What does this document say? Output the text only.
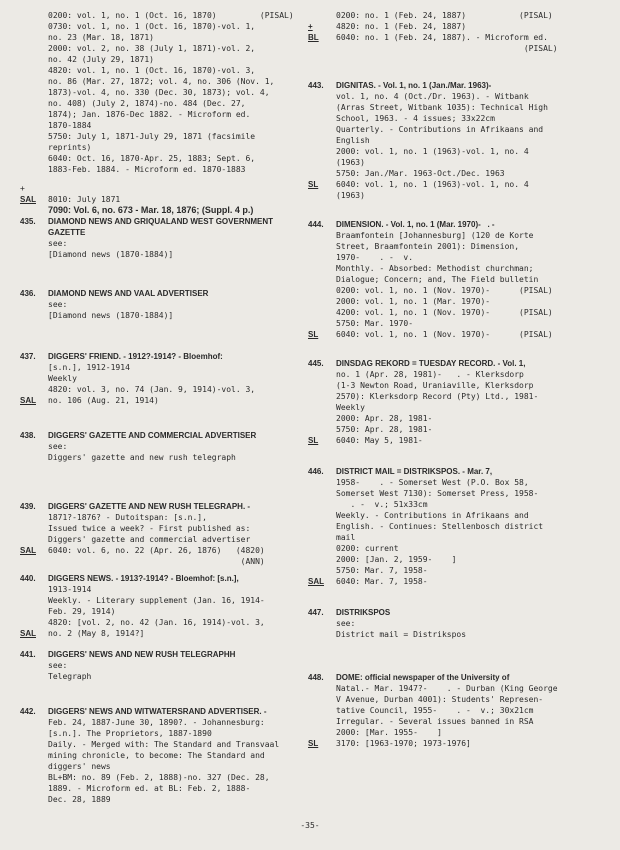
0200: vol. 1, no. 1 (Oct. 16, 1870)         (PISAL)
0730: vol. 1, no. 1 (Oct. 16, 1870)-vol. 1,
no. 23 (Mar. 18, 1871)
2000: vol. 2, no. 38 (July 1, 1871)-vol. 2,
no. 42 (July 29, 1871)
4820: vol. 1, no. 1 (Oct. 16, 1870)-vol. 3,
no. 86 (Mar. 27, 1872; vol. 4, no. 306 (Nov. 1,
1873)-vol. 4, no. 330 (Dec. 30, 1873); vol. 4,
no. 408) (July 2, 1874)-no. 484 (Dec. 27,
1874); Jan. 1876-Dec 1882. - Microform ed.
1870-1884
5750: July 1, 1871-July 29, 1871 (facsimile
reprints)
6040: Oct. 16, 1870-Apr. 25, 1883; Sept. 6,
1883-Feb. 1884. - Microform ed. 1870-1883
+
8010: July 1871
SAL
7090: Vol. 6, no. 673 - Mar. 18, 1876; (Suppl. 4 p.)
435.	DIAMOND NEWS AND GRIQUALAND WEST GOVERNMENT
GAZETTE
see:
[Diamond news (1870-1884)]
436.	DIAMOND NEWS AND VAAL ADVERTISER
see:
[Diamond news (1870-1884)]
437.	DIGGERS' FRIEND. - 1912?-1914? - Bloemhof:
[s.n.], 1912-1914
Weekly
4820: vol. 3, no. 74 (Jan. 9, 1914)-vol. 3,
no. 106 (Aug. 21, 1914)
SAL
438.	DIGGERS' GAZETTE AND COMMERCIAL ADVERTISER
see:
Diggers' gazette and new rush telegraph
439.	DIGGERS' GAZETTE AND NEW RUSH TELEGRAPH. -
1871?-1876? - Dutoitspan: [s.n.],
Issued twice a week? - First published as:
Diggers' gazette and commercial advertiser
6040: vol. 6, no. 22 (Apr. 26, 1876)   (4820)
(ANN)
SAL
440.	DIGGERS NEWS. - 1913?-1914? - Bloemhof: [s.n.],
1913-1914
Weekly. - Literary supplement (Jan. 16, 1914-
Feb. 29, 1914)
4820: [vol. 2, no. 42 (Jan. 16, 1914)-vol. 3,
no. 2 (May 8, 1914?]
SAL
441.	DIGGERS' NEWS AND NEW RUSH TELEGRAPHH
see:
Telegraph
442.	DIGGERS' NEWS AND WITWATERSRAND ADVERTISER. -
Feb. 24, 1887-June 30, 1890?. - Johannesburg:
[s.n.]. The Proprietors, 1887-1890
Daily. - Merged with: The Standard and Transvaal
mining chronicle, to become: The Standard and
diggers' news
BL+BM: no. 89 (Feb. 2, 1888)-no. 327 (Dec. 28,
1889. - Microform ed. at BL: Feb. 2, 1888-
Dec. 28, 1889
0200: no. 1 (Feb. 24, 1887)           (PISAL)
4820: no. 1 (Feb. 24, 1887)
6040: no. 1 (Feb. 24, 1887). - Microform ed.
(PISAL)
+
BL
443.	DIGNITAS. - Vol. 1, no. 1 (Jan./Mar. 1963)-
vol. 1, no. 4 (Oct./Dr. 1963). - Witbank
(Arras Street, Witbank 1035): Technical High
School, 1963. - 4 issues; 33x22cm
Quarterly. - Contributions in Afrikaans and
English
2000: vol. 1, no. 1 (1963)-vol. 1, no. 4
(1963)
5750: Jan./Mar. 1963-Oct./Dec. 1963
6040: vol. 1, no. 1 (1963)-vol. 1, no. 4
(1963)
SL
444.	DIMENSION. - Vol. 1, no. 1 (Mar. 1970)-   . -
Braamfontein [Johannesburg] (120 de Korte
Street, Braamfontein 2001): Dimension,
1970-    . -  v.
Monthly. - Absorbed: Methodist churchman;
Dialogue; Concern; and, The Field bulletin
0200: vol. 1, no. 1 (Nov. 1970)-      (PISAL)
2000: vol. 1, no. 1 (Mar. 1970)-
4200: vol. 1, no. 1 (Nov. 1970)-      (PISAL)
5750: Mar. 1970-
6040: vol. 1, no. 1 (Nov. 1970)-      (PISAL)
SL
445.	DINSDAG REKORD = TUESDAY RECORD. - Vol. 1,
no. 1 (Apr. 28, 1981)-   . - Klerksdorp
(1-3 Newton Road, Uraniaville, Klerksdorp
2570): Klerksdorp Record (Pty) Ltd., 1981-
Weekly
2000: Apr. 28, 1981-
5750: Apr. 28, 1981-
6040: May 5, 1981-
SL
446.	DISTRICT MAIL = DISTRIKSPOS. - Mar. 7,
1958-    . - Somerset West (P.O. Box 58,
Somerset West 7130): Somerset Press, 1958-
. -  v.; 51x33cm
Weekly. - Contributions in Afrikaans and
English. - Continues: Stellenbosch district
mail
0200: current
2000: [Jan. 2, 1959-    ]
5750: Mar. 7, 1958-
6040: Mar. 7, 1958-
SAL
447.	DISTRIKSPOS
see:
District mail = Distrikspos
448.	DOME: official newspaper of the University of
Natal.- Mar. 1947?-    . - Durban (King George
V Avenue, Durban 4001): Students' Represen-
tative Council, 1955-    . -  v.; 30x21cm
Irregular. - Several issues banned in RSA
2000: [Mar. 1955-    ]
3170: [1963-1970; 1973-1976]
SL
-35-
